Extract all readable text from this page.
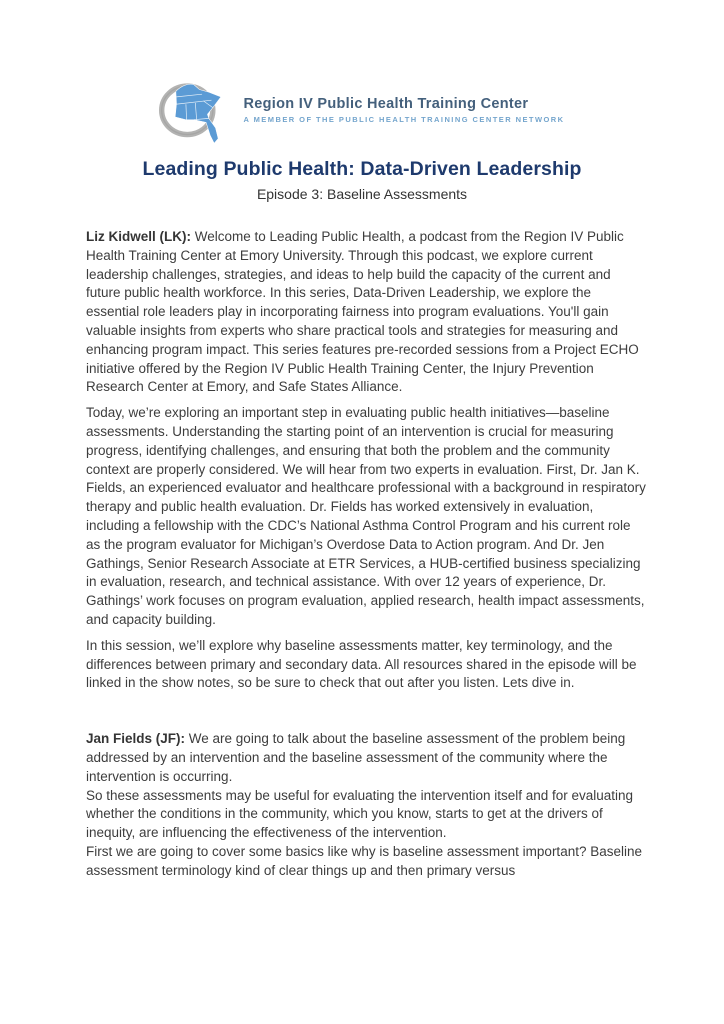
Region IV Public Health Training Center
A MEMBER OF THE PUBLIC HEALTH TRAINING CENTER NETWORK
Leading Public Health: Data-Driven Leadership
Episode 3: Baseline Assessments

Liz Kidwell (LK): Welcome to Leading Public Health, a podcast from the Region IV Public Health Training Center at Emory University. Through this podcast, we explore current leadership challenges, strategies, and ideas to help build the capacity of the current and future public health workforce. In this series, Data-Driven Leadership, we explore the essential role leaders play in incorporating fairness into program evaluations. You'll gain valuable insights from experts who share practical tools and strategies for measuring and enhancing program impact. This series features pre-recorded sessions from a Project ECHO initiative offered by the Region IV Public Health Training Center, the Injury Prevention Research Center at Emory, and Safe States Alliance.

Today, we’re exploring an important step in evaluating public health initiatives—baseline assessments. Understanding the starting point of an intervention is crucial for measuring progress, identifying challenges, and ensuring that both the problem and the community context are properly considered. We will hear from two experts in evaluation. First, Dr. Jan K. Fields, an experienced evaluator and healthcare professional with a background in respiratory therapy and public health evaluation. Dr. Fields has worked extensively in evaluation, including a fellowship with the CDC’s National Asthma Control Program and his current role as the program evaluator for Michigan’s Overdose Data to Action program. And Dr. Jen Gathings, Senior Research Associate at ETR Services, a HUB-certified business specializing in evaluation, research, and technical assistance. With over 12 years of experience, Dr. Gathings’ work focuses on program evaluation, applied research, health impact assessments, and capacity building.

In this session, we’ll explore why baseline assessments matter, key terminology, and the differences between primary and secondary data. All resources shared in the episode will be linked in the show notes, so be sure to check that out after you listen. Lets dive in.

Jan Fields (JF): We are going to talk about the baseline assessment of the problem being addressed by an intervention and the baseline assessment of the community where the intervention is occurring.
So these assessments may be useful for evaluating the intervention itself and for evaluating whether the conditions in the community, which you know, starts to get at the drivers of inequity, are influencing the effectiveness of the intervention.
First we are going to cover some basics like why is baseline assessment important? Baseline assessment terminology kind of clear things up and then primary versus
